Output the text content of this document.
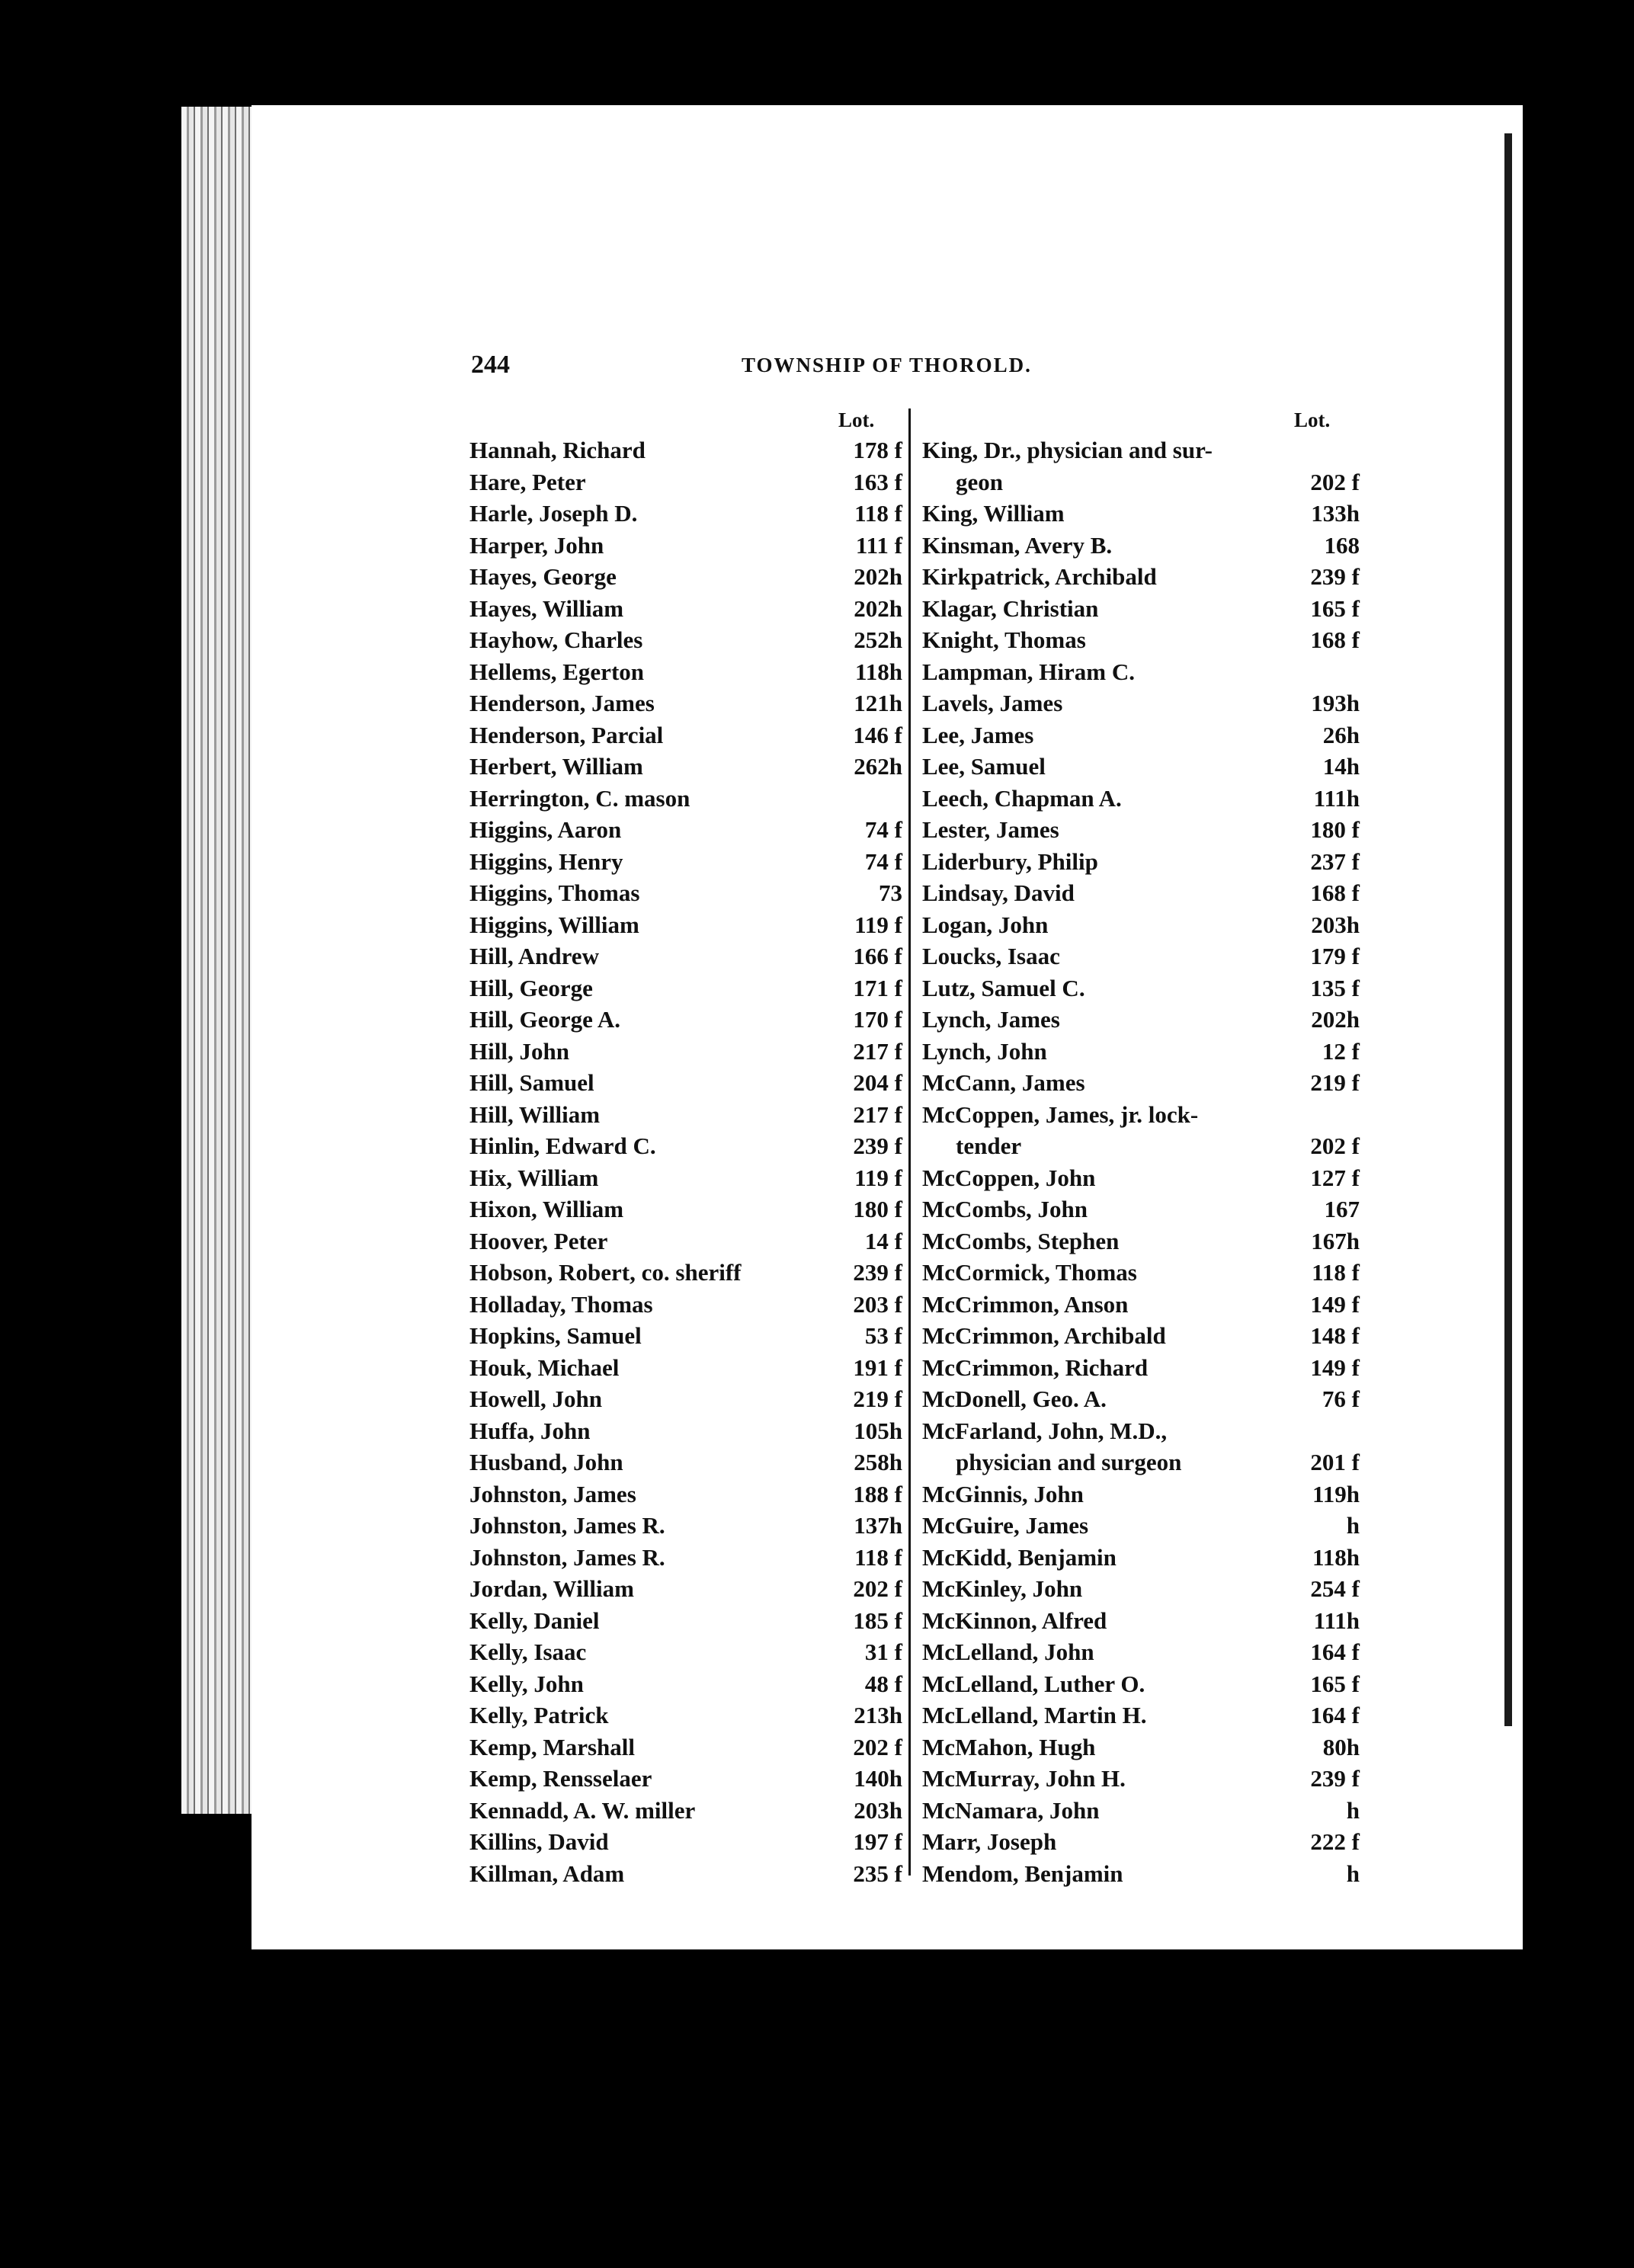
244	TOWNSHIP OF THOROLD.
Lot.
Hannah, Richard	178 f
Hare, Peter	163 f
Harle, Joseph D.	118 f
Harper, John	111 f
Hayes, George	202h
Hayes, William	202h
Hayhow, Charles	252h
Hellems, Egerton	118h
Henderson, James	121h
Henderson, Parcial	146 f
Herbert, William	262h
Herrington, C. mason
Higgins, Aaron	74 f
Higgins, Henry	74 f
Higgins, Thomas	73
Higgins, William	119 f
Hill, Andrew	166 f
Hill, George	171 f
Hill, George A.	170 f
Hill, John	217 f
Hill, Samuel	204 f
Hill, William	217 f
Hinlin, Edward C.	239 f
Hix, William	119 f
Hixon, William	180 f
Hoover, Peter	14 f
Hobson, Robert, co. sheriff	239 f
Holladay, Thomas	203 f
Hopkins, Samuel	53 f
Houk, Michael	191 f
Howell, John	219 f
Huffa, John	105h
Husband, John	258h
Johnston, James	188 f
Johnston, James R.	137h
Johnston, James R.	118 f
Jordan, William	202 f
Kelly, Daniel	185 f
Kelly, Isaac	31 f
Kelly, John	48 f
Kelly, Patrick	213h
Kemp, Marshall	202 f
Kemp, Rensselaer	140h
Kennadd, A. W. miller	203h
Killins, David	197 f
Killman, Adam	235 f
Lot.
King, Dr., physician and sur-
geon	202 f
King, William	133h
Kinsman, Avery B.	168
Kirkpatrick, Archibald	239 f
Klagar, Christian	165 f
Knight, Thomas	168 f
Lampman, Hiram C.
Lavels, James	193h
Lee, James	26h
Lee, Samuel	14h
Leech, Chapman A.	111h
Lester, James	180 f
Liderbury, Philip	237 f
Lindsay, David	168 f
Logan, John	203h
Loucks, Isaac	179 f
Lutz, Samuel C.	135 f
Lynch, James	202h
Lynch, John	12 f
McCann, James	219 f
McCoppen, James, jr. lock-
tender	202 f
McCoppen, John	127 f
McCombs, John	167
McCombs, Stephen	167h
McCormick, Thomas	118 f
McCrimmon, Anson	149 f
McCrimmon, Archibald	148 f
McCrimmon, Richard	149 f
McDonell, Geo. A.	76 f
McFarland, John, M.D.,
physician and surgeon	201 f
McGinnis, John	119h
McGuire, James	h
McKidd, Benjamin	118h
McKinley, John	254 f
McKinnon, Alfred	111h
McLelland, John	164 f
McLelland, Luther O.	165 f
McLelland, Martin H.	164 f
McMahon, Hugh	80h
McMurray, John H.	239 f
McNamara, John	h
Marr, Joseph	222 f
Mendom, Benjamin	h
